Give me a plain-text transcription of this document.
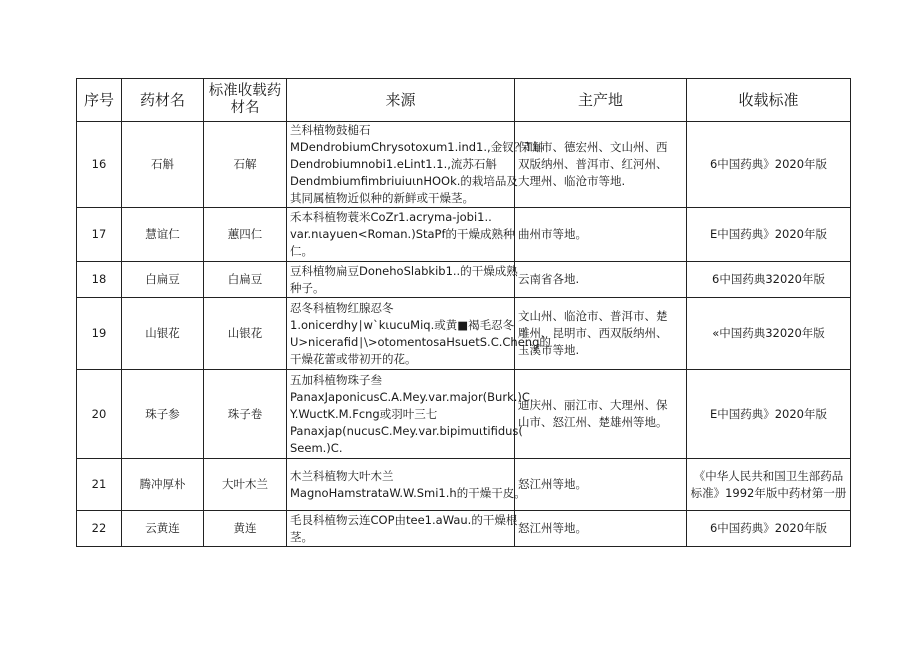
序号	药材名	标准收载药材名	来源	主产地	收载标准
16	石斛	石解	兰科植物鼓槌石
MDendrobiumChrysotoxum1.ind1.,金钗？T斛
Dendrobiumnobi1.eLint1.1.,流苏石斛
DendmbiumfimbriuiuιnHOOk.的栽培品及
其同属植物近似种的新鲜或干燥茎。	保山市、德宏州、文山州、西
双版纳州、普洱市、红河州、
大理州、临沧市等地.	6中国药典》2020年版
17	慧谊仁	蕙四仁	禾本科植物蓑米CoZr1.acryma-jobi1..
var.nιayuen<Roman.)StaPf的干燥成熟种
仁。	曲州市等地。	E中国药典》2020年版
18	白扁豆	白扁豆	豆科植物扁豆DonehoSlabkib1..的干燥成熟
种子。	云南省各地.	6中国药典32020年版
19	山银花	山银花	忍冬科植物红腺忍冬
1.onicerdhy∣w`kιucuMiq.或黄■褐毛忍冬
U>nicerafid∣\>otomentosaHsuetS.C.Cheng的
干燥花蕾或带初开的花。	文山州、临沧市、普洱市、楚
雕州、昆明市、西双版纳州、
玉溪市等地.	«中国药典32020年版
20	珠子参	珠子卷	五加科植物珠子叁
PanaxJaponicusC.A.Mey.var.major(Burk.)C.
Y.WuctK.M.Fcng或羽叶三七
Panaxjap(nucusC.Mey.var.bipimuιtifidus(
Seem.)C.	迪庆州、丽江市、大理州、保
山市、怒江州、楚雄州等地。	E中国药典》2020年版
21	腾冲厚朴	大叶木兰	木兰科植物大叶木兰
MagnoHamstrataW.W.Smi1.h的干燥干皮。	怒江州等地。	《中华人民共和国卫生部药品
标准》1992年版中药材第一册

22	云黄连	黄连	毛艮科植物云连COP由tee1.aWau.的干燥根
茎。	怒江州等地。	6中国药典》2020年版
